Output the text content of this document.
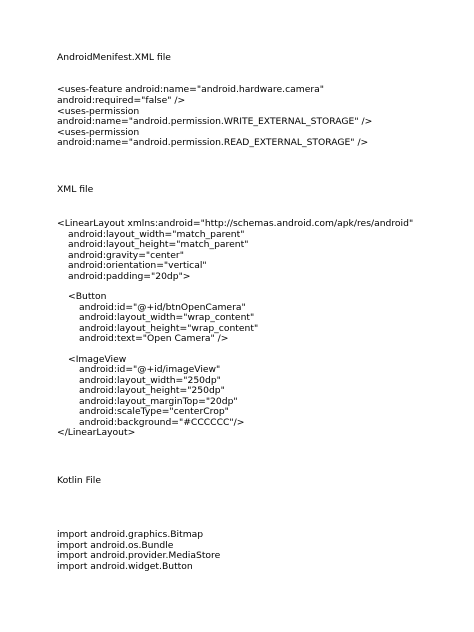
AndroidMenifest.XML file

<uses-feature android:name="android.hardware.camera"

android:required="false" />

<uses-permission

android:name="android.permission.WRITE_EXTERNAL_STORAGE" />

<uses-permission

android:name="android.permission.READ_EXTERNAL_STORAGE" />

XML file

<LinearLayout xmlns:android="http://schemas.android.com/apk/res/android"

android:layout_width="match_parent"

android:layout_height="match_parent"

android:gravity="center"

android:orientation="vertical"

android:padding="20dp">

<Button

android:id="@+id/btnOpenCamera"

android:layout_width="wrap_content"

android:layout_height="wrap_content"

android:text="Open Camera" />

<ImageView

android:id="@+id/imageView"

android:layout_width="250dp"

android:layout_height="250dp"

android:layout_marginTop="20dp"

android:scaleType="centerCrop"

android:background="#CCCCCC"/>

</LinearLayout>

Kotlin File

import android.graphics.Bitmap

import android.os.Bundle

import android.provider.MediaStore

import android.widget.Button
